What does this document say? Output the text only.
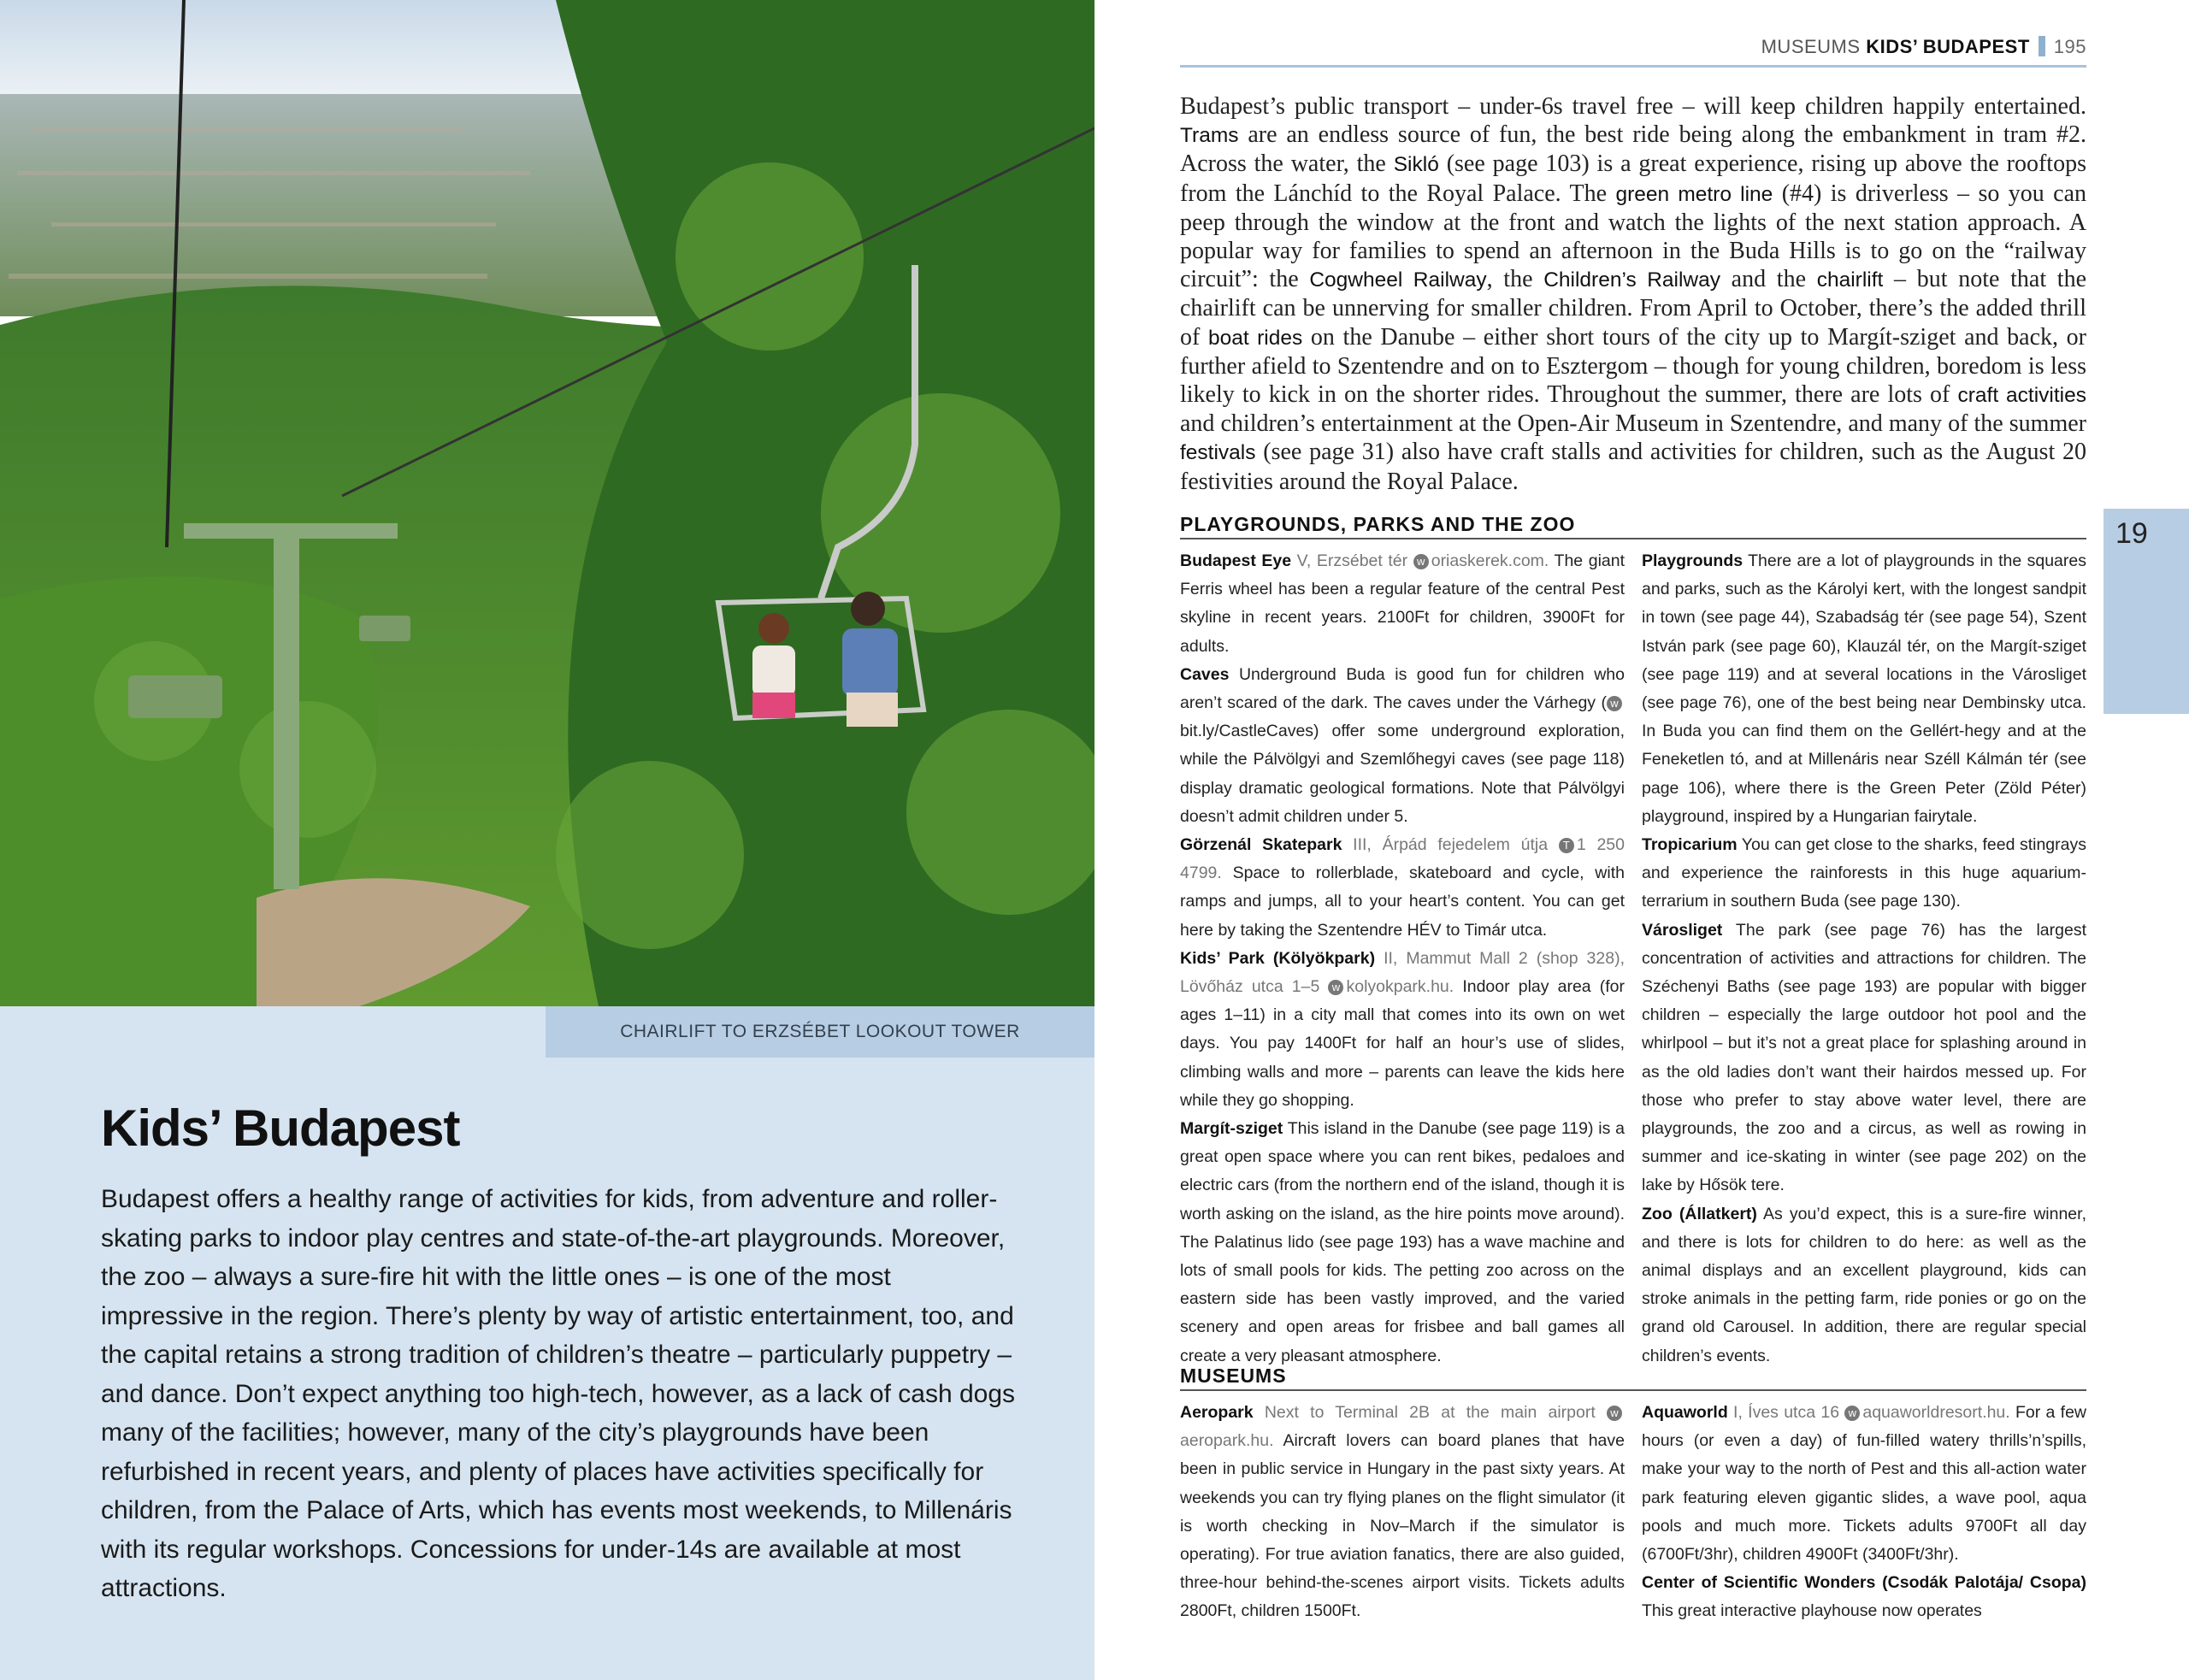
CHAIRLIFT TO ERZSÉBET LOOKOUT TOWER
Kids’ Budapest

Budapest offers a healthy range of activities for kids, from adventure and roller-skating parks to indoor play centres and state-of-the-art playgrounds. Moreover, the zoo – always a sure-fire hit with the little ones – is one of the most impressive in the region. There’s plenty by way of artistic entertainment, too, and the capital retains a strong tradition of children’s theatre – particularly puppetry – and dance. Don’t expect anything too high-tech, however, as a lack of cash dogs many of the facilities; however, many of the city’s playgrounds have been refurbished in recent years, and plenty of places have activities specifically for children, from the Palace of Arts, which has events most weekends, to Millenáris with its regular workshops. Concessions for under-14s are available at most attractions.

MUSEUMS KIDS’ BUDAPEST 195

Budapest’s public transport – under-6s travel free – will keep children happily entertained. Trams are an endless source of fun, the best ride being along the embankment in tram #2. Across the water, the Sikló (see page 103) is a great experience, rising up above the rooftops from the Lánchíd to the Royal Palace. The green metro line (#4) is driverless – so you can peep through the window at the front and watch the lights of the next station approach. A popular way for families to spend an afternoon in the Buda Hills is to go on the “railway circuit”: the Cogwheel Railway, the Children’s Railway and the chairlift – but note that the chairlift can be unnerving for smaller children. From April to October, there’s the added thrill of boat rides on the Danube – either short tours of the city up to Margít-sziget and back, or further afield to Szentendre and on to Esztergom – though for young children, boredom is less likely to kick in on the shorter rides. Throughout the summer, there are lots of craft activities and children’s entertainment at the Open-Air Museum in Szentendre, and many of the summer festivals (see page 31) also have craft stalls and activities for children, such as the August 20 festivities around the Royal Palace.

19
PLAYGROUNDS, PARKS AND THE ZOO

Budapest Eye V, Erzsébet tér w oriaskerek.com. The giant Ferris wheel has been a regular feature of the central Pest skyline in recent years. 2100Ft for children, 3900Ft for adults.

Caves Underground Buda is good fun for children who aren’t scared of the dark. The caves under the Várhegy ( wbit.ly/CastleCaves) offer some underground exploration, while the Pálvölgyi and Szemlőhegyi caves (see page 118) display dramatic geological formations. Note that Pálvölgyi doesn’t admit children under 5.

Görzenál Skatepark III, Árpád fejedelem útja T 1 250 4799. Space to rollerblade, skateboard and cycle, with ramps and jumps, all to your heart’s content. You can get here by taking the Szentendre HÉV to Timár utca.

Kids’ Park (Kölyökpark) II, Mammut Mall 2 (shop 328), Lövőház utca 1–5 w kolyokpark.hu. Indoor play area (for ages 1–11) in a city mall that comes into its own on wet days. You pay 1400Ft for half an hour’s use of slides, climbing walls and more – parents can leave the kids here while they go shopping.

Margít-sziget This island in the Danube (see page 119) is a great open space where you can rent bikes, pedaloes and electric cars (from the northern end of the island, though it is worth asking on the island, as the hire points move around). The Palatinus lido (see page 193) has a wave machine and lots of small pools for kids. The petting zoo across on the eastern side has been vastly improved, and the varied scenery and open areas for frisbee and ball games all create a very pleasant atmosphere.

Playgrounds There are a lot of playgrounds in the squares and parks, such as the Károlyi kert, with the longest sandpit in town (see page 44), Szabadság tér (see page 54), Szent István park (see page 60), Klauzál tér, on the Margít-sziget (see page 119) and at several locations in the Városliget (see page 76), one of the best being near Dembinsky utca. In Buda you can find them on the Gellért-hegy and at the Feneketlen tó, and at Millenáris near Széll Kálmán tér (see page 106), where there is the Green Peter (Zöld Péter) playground, inspired by a Hungarian fairytale.

Tropicarium You can get close to the sharks, feed stingrays and experience the rainforests in this huge aquarium-terrarium in southern Buda (see page 130).

Városliget The park (see page 76) has the largest concentration of activities and attractions for children. The Széchenyi Baths (see page 193) are popular with bigger children – especially the large outdoor hot pool and the whirlpool – but it’s not a great place for splashing around in as the old ladies don’t want their hairdos messed up. For those who prefer to stay above water level, there are playgrounds, the zoo and a circus, as well as rowing in summer and ice-skating in winter (see page 202) on the lake by Hősök tere.

Zoo (Állatkert) As you’d expect, this is a sure-fire winner, and there is lots for children to do here: as well as the animal displays and an excellent playground, kids can stroke animals in the petting farm, ride ponies or go on the grand old Carousel. In addition, there are regular special children’s events.

MUSEUMS

Aeropark Next to Terminal 2B at the main airport waeropark.hu. Aircraft lovers can board planes that have been in public service in Hungary in the past sixty years. At weekends you can try flying planes on the flight simulator (it is worth checking in Nov–March if the simulator is operating). For true aviation fanatics, there are also guided, three-hour behind-the-scenes airport visits. Tickets adults 2800Ft, children 1500Ft.

Aquaworld I, Íves utca 16 w aquaworldresort.hu. For a few hours (or even a day) of fun-filled watery thrills’n’spills, make your way to the north of Pest and this all-action water park featuring eleven gigantic slides, a wave pool, aqua pools and much more. Tickets adults 9700Ft all day (6700Ft/3hr), children 4900Ft (3400Ft/3hr).

Center of Scientific Wonders (Csodák Palotája/ Csopa) This great interactive playhouse now operates
